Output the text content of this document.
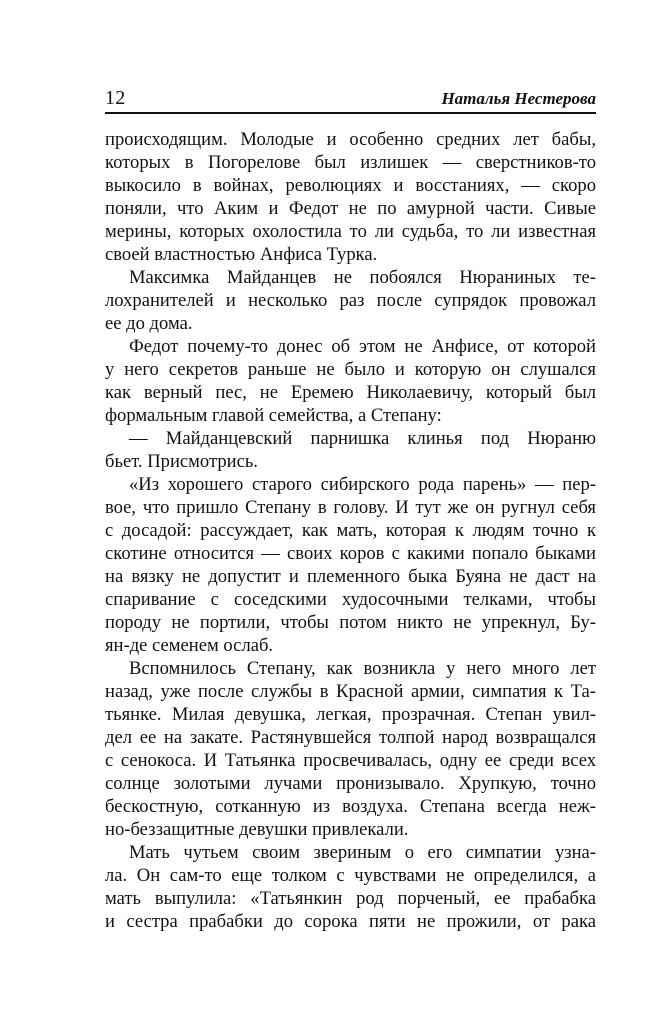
12	Наталья Нестерова
происходящим. Молодые и особенно средних лет бабы,
которых в Погорелове был излишек — сверстников-то
выкосило в войнах, революциях и восстаниях, — скоро
поняли, что Аким и Федот не по амурной части. Сивые
мерины, которых охолостила то ли судьба, то ли известная
своей властностью Анфиса Турка.
Максимка Майданцев не побоялся Нюраниных те-
лохранителей и несколько раз после супрядок провожал
ее до дома.
Федот почему-то донес об этом не Анфисе, от которой
у него секретов раньше не было и которую он слушался
как верный пес, не Еремею Николаевичу, который был
формальным главой семейства, а Степану:
— Майданцевский парнишка клинья под Нюраню
бьет. Присмотрись.
«Из хорошего старого сибирского рода парень» — пер-
вое, что пришло Степану в голову. И тут же он ругнул себя
с досадой: рассуждает, как мать, которая к людям точно к
скотине относится — своих коров с какими попало быками
на вязку не допустит и племенного быка Буяна не даст на
спаривание с соседскими худосочными телками, чтобы
породу не портили, чтобы потом никто не упрекнул, Бу-
ян-де семенем ослаб.
Вспомнилось Степану, как возникла у него много лет
назад, уже после службы в Красной армии, симпатия к Та-
тьянке. Милая девушка, легкая, прозрачная. Степан увил-
дел ее на закате. Растянувшейся толпой народ возвращался
с сенокоса. И Татьянка просвечивалась, одну ее среди всех
солнце золотыми лучами пронизывало. Хрупкую, точно
бескостную, сотканную из воздуха. Степана всегда неж-
но-беззащитные девушки привлекали.
Мать чутьем своим звериным о его симпатии узна-
ла. Он сам-то еще толком с чувствами не определился, а
мать выпулила: «Татьянкин род порченый, ее прабабка
и сестра прабабки до сорока пяти не прожили, от рака
